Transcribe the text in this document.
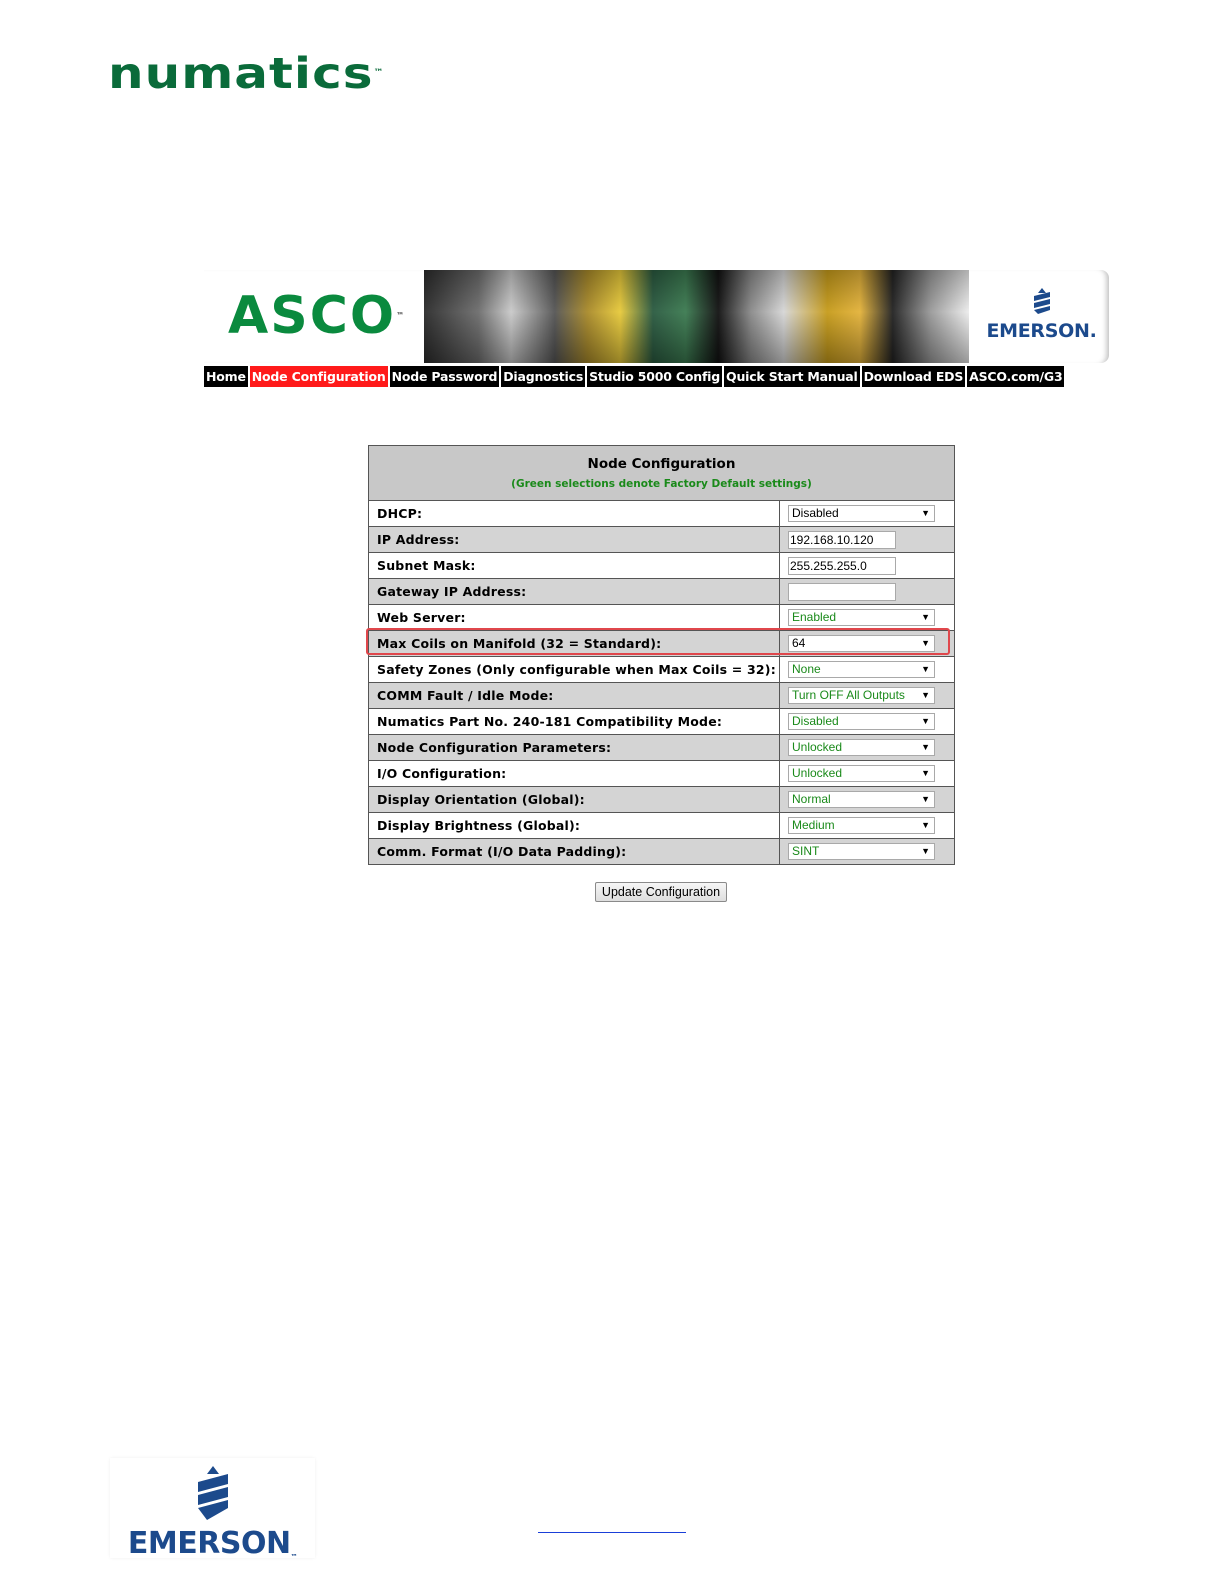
numatics™
ASCO™
EMERSON.
Home Node Configuration Node Password Diagnostics Studio 5000 Config Quick Start Manual Download EDS ASCO.com/G3
Node Configuration
(Green selections denote Factory Default settings)
DHCP:	Disabled	▼
IP Address:	192.168.10.120
Subnet Mask:	255.255.255.0
Gateway IP Address:
Web Server:	Enabled	▼
Max Coils on Manifold (32 = Standard):	64	▼
Safety Zones (Only configurable when Max Coils = 32):	None	▼
COMM Fault / Idle Mode:	Turn OFF All Outputs ▼
Numatics Part No. 240-181 Compatibility Mode:	Disabled	▼
Node Configuration Parameters:	Unlocked	▼
I/O Configuration:	Unlocked	▼
Display Orientation (Global):	Normal	▼
Display Brightness (Global):	Medium	▼
Comm. Format (I/O Data Padding):	SINT	▼
Update Configuration
EMERSON™
